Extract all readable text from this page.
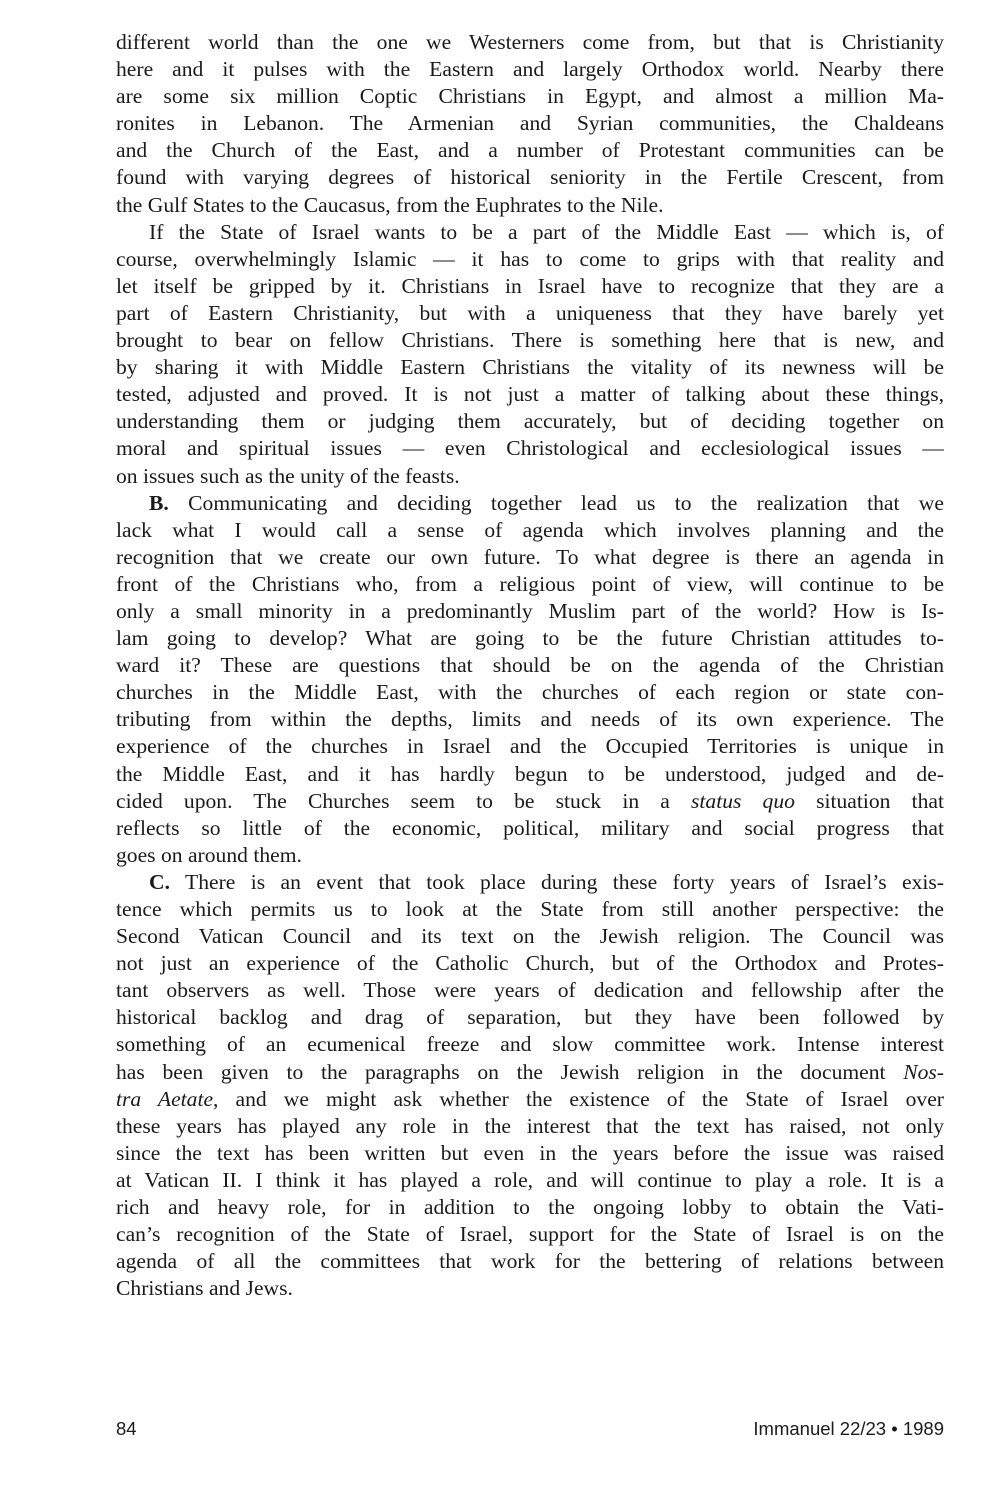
different world than the one we Westerners come from, but that is Christianity
here and it pulses with the Eastern and largely Orthodox world. Nearby there
are some six million Coptic Christians in Egypt, and almost a million Ma-
ronites in Lebanon. The Armenian and Syrian communities, the Chaldeans
and the Church of the East, and a number of Protestant communities can be
found with varying degrees of historical seniority in the Fertile Crescent, from
the Gulf States to the Caucasus, from the Euphrates to the Nile.
If the State of Israel wants to be a part of the Middle East — which is, of
course, overwhelmingly Islamic — it has to come to grips with that reality and
let itself be gripped by it. Christians in Israel have to recognize that they are a
part of Eastern Christianity, but with a uniqueness that they have barely yet
brought to bear on fellow Christians. There is something here that is new, and
by sharing it with Middle Eastern Christians the vitality of its newness will be
tested, adjusted and proved. It is not just a matter of talking about these things,
understanding them or judging them accurately, but of deciding together on
moral and spiritual issues — even Christological and ecclesiological issues —
on issues such as the unity of the feasts.
B. Communicating and deciding together lead us to the realization that we
lack what I would call a sense of agenda which involves planning and the
recognition that we create our own future. To what degree is there an agenda in
front of the Christians who, from a religious point of view, will continue to be
only a small minority in a predominantly Muslim part of the world? How is Is-
lam going to develop? What are going to be the future Christian attitudes to-
ward it? These are questions that should be on the agenda of the Christian
churches in the Middle East, with the churches of each region or state con-
tributing from within the depths, limits and needs of its own experience. The
experience of the churches in Israel and the Occupied Territories is unique in
the Middle East, and it has hardly begun to be understood, judged and de-
cided upon. The Churches seem to be stuck in a status quo situation that
reflects so little of the economic, political, military and social progress that
goes on around them.
C. There is an event that took place during these forty years of Israel’s exis-
tence which permits us to look at the State from still another perspective: the
Second Vatican Council and its text on the Jewish religion. The Council was
not just an experience of the Catholic Church, but of the Orthodox and Protes-
tant observers as well. Those were years of dedication and fellowship after the
historical backlog and drag of separation, but they have been followed by
something of an ecumenical freeze and slow committee work. Intense interest
has been given to the paragraphs on the Jewish religion in the document Nos-
tra Aetate, and we might ask whether the existence of the State of Israel over
these years has played any role in the interest that the text has raised, not only
since the text has been written but even in the years before the issue was raised
at Vatican II. I think it has played a role, and will continue to play a role. It is a
rich and heavy role, for in addition to the ongoing lobby to obtain the Vati-
can’s recognition of the State of Israel, support for the State of Israel is on the
agenda of all the committees that work for the bettering of relations between
Christians and Jews.
84	Immanuel 22/23 • 1989
